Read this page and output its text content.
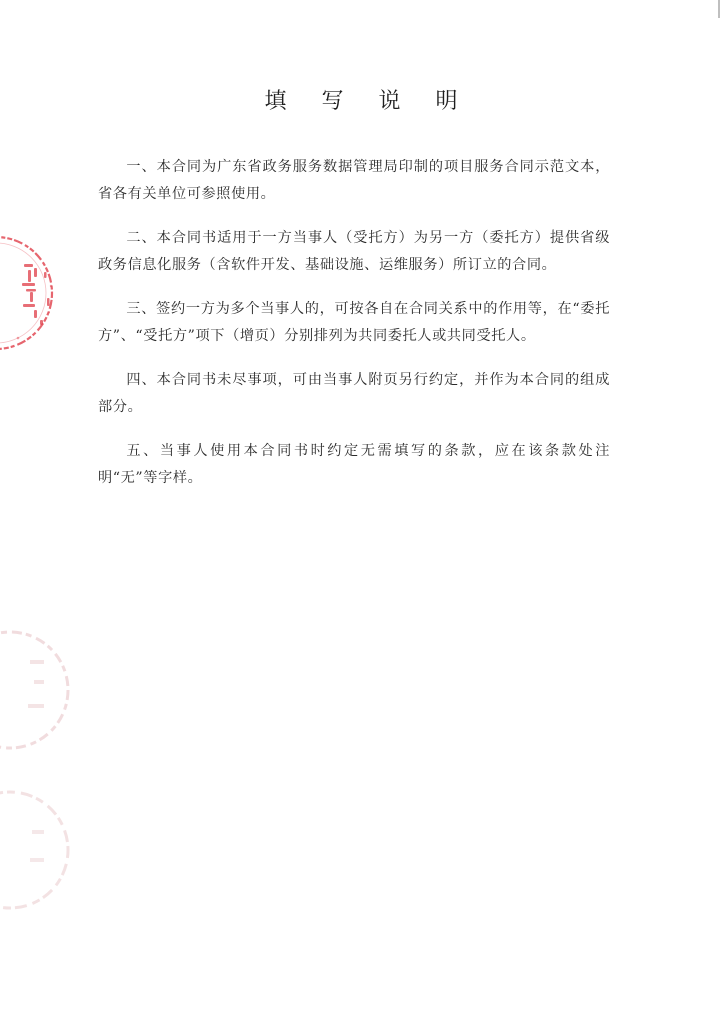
填 写 说 明

一、本合同为广东省政务服务数据管理局印制的项目服务合同示范文本，省各有关单位可参照使用。

二、本合同书适用于一方当事人（受托方）为另一方（委托方）提供省级政务信息化服务（含软件开发、基础设施、运维服务）所订立的合同。

三、签约一方为多个当事人的，可按各自在合同关系中的作用等，在“委托方”、“受托方”项下（增页）分别排列为共同委托人或共同受托人。

四、本合同书未尽事项，可由当事人附页另行约定，并作为本合同的组成部分。

五、当事人使用本合同书时约定无需填写的条款，应在该条款处注明“无”等字样。
